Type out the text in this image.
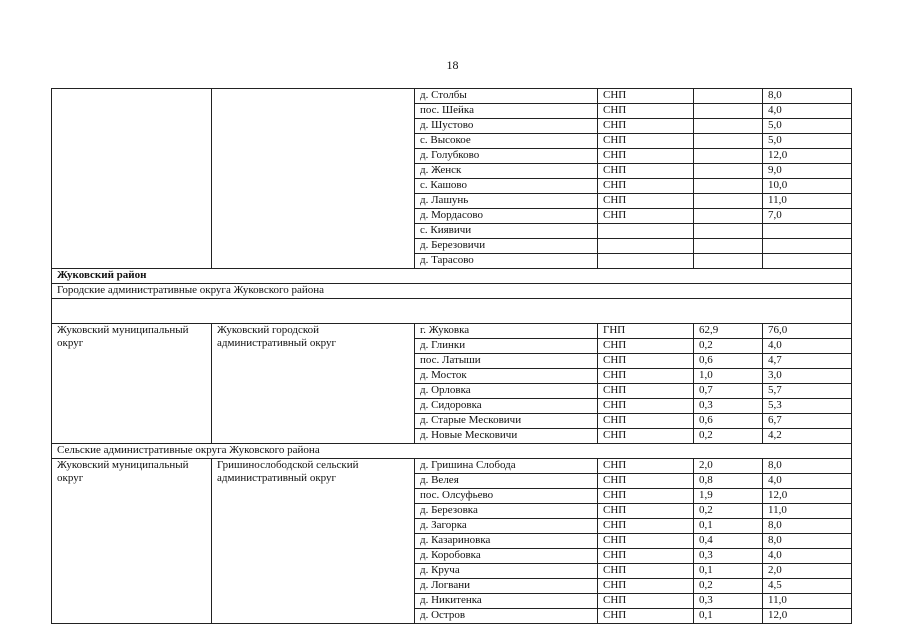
18
		д. Столбы	СНП		8,0
		пос. Шейка	СНП		4,0
		д. Шустово	СНП		5,0
		с. Высокое	СНП		5,0
		д. Голубково	СНП		12,0
		д. Женск	СНП		9,0
		с. Кашово	СНП		10,0
		д. Лашунь	СНП		11,0
		д. Мордасово	СНП		7,0
		с. Киявичи			
		д. Березовичи			
		д. Тарасово			
Жуковский район					
Городские административные округа Жуковского района					

Жуковский муниципальный округ	Жуковский городской административный округ	г. Жуковка	ГНП	62,9	76,0
		д. Глинки	СНП	0,2	4,0
		пос. Латыши	СНП	0,6	4,7
		д. Мосток	СНП	1,0	3,0
		д. Орловка	СНП	0,7	5,7
		д. Сидоровка	СНП	0,3	5,3
		д. Старые Месковичи	СНП	0,6	6,7
		д. Новые Месковичи	СНП	0,2	4,2
Сельские административные округа Жуковского района					
Жуковский муниципальный округ	Гришинослободской сельский административный округ	д. Гришина Слобода	СНП	2,0	8,0
		д. Велея	СНП	0,8	4,0
		пос. Олсуфьево	СНП	1,9	12,0
		д. Березовка	СНП	0,2	11,0
		д. Загорка	СНП	0,1	8,0
		д. Казариновка	СНП	0,4	8,0
		д. Коробовка	СНП	0,3	4,0
		д. Круча	СНП	0,1	2,0
		д. Логвани	СНП	0,2	4,5
		д. Никитенка	СНП	0,3	11,0
		д. Остров	СНП	0,1	12,0
